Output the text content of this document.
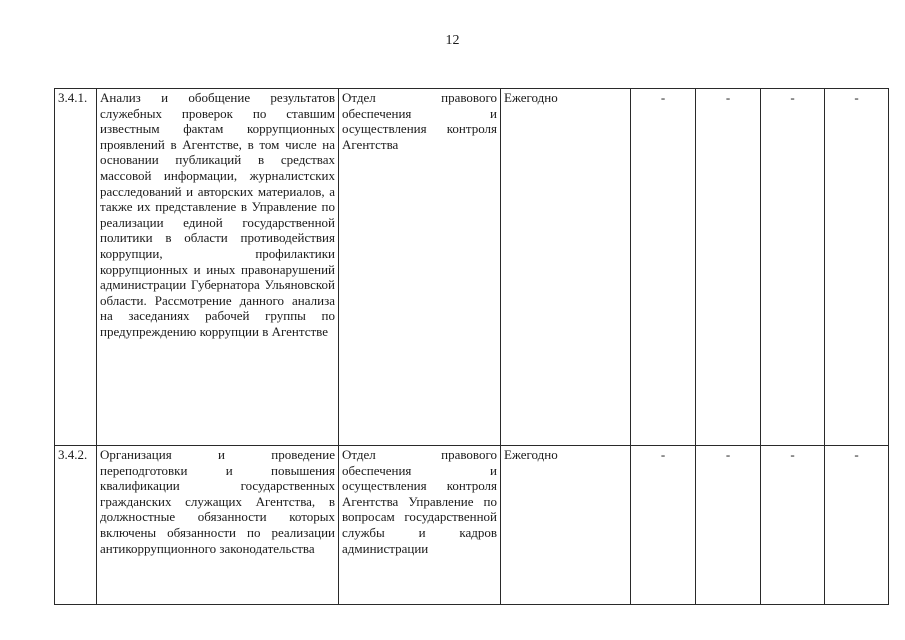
12
3.4.1.	Анализ и обобщение результатов служебных проверок по ставшим известным фактам коррупционных проявлений в Агентстве, в том числе на основании публикаций в средствах массовой информации, журналистских расследований и авторских материалов, а также их представление в Управление по реализации единой государственной политики в области противодействия коррупции, профилактики коррупционных и иных правонарушений администрации Губернатора Ульяновской области. Рассмотрение данного анализа на заседаниях рабочей группы по предупреждению коррупции в Агентстве	Отдел правового обеспечения и осуществления контроля Агентства	Ежегодно	-	-	-	-
3.4.2.	Организация и проведение переподготовки и повышения квалификации государственных гражданских служащих Агентства, в должностные обязанности которых включены обязанности по реализации антикоррупционного законодательства	Отдел правового обеспечения и осуществления контроля Агентства Управление по вопросам государственной службы и кадров администрации	Ежегодно	-	-	-	-
